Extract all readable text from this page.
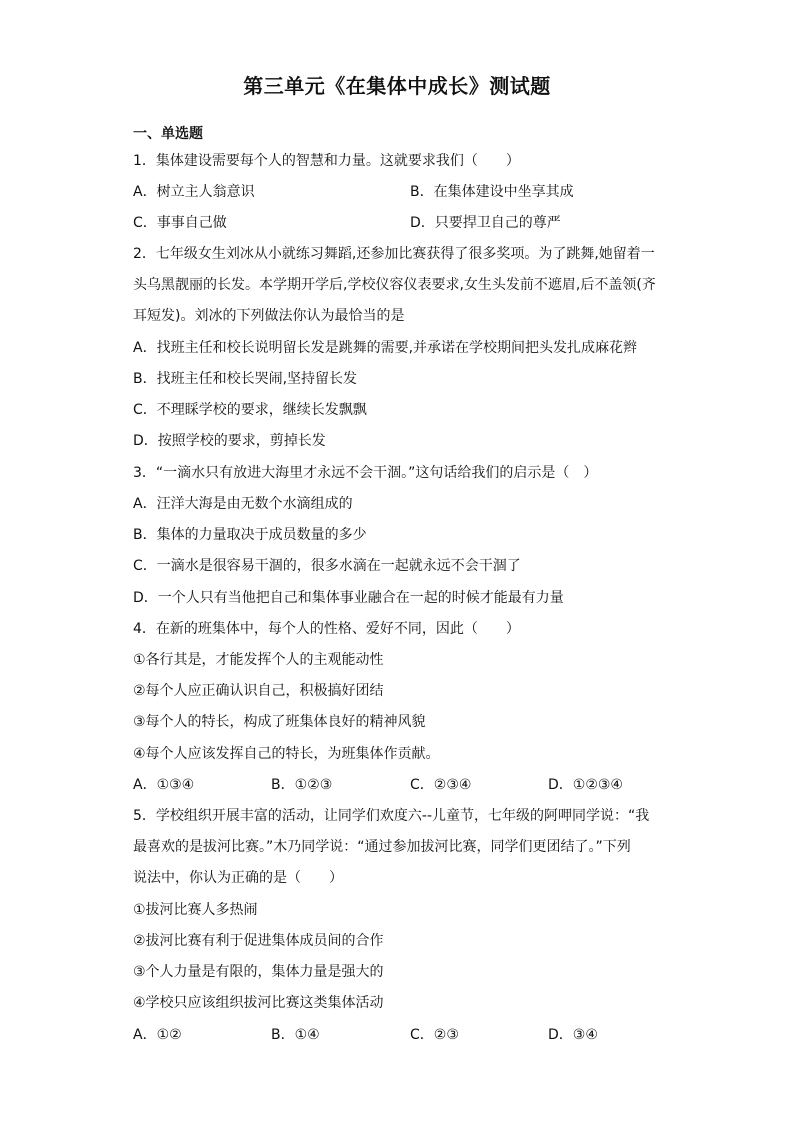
第三单元《在集体中成长》测试题
一、单选题
1．集体建设需要每个人的智慧和力量。这就要求我们（　　）
A．树立主人翁意识	B．在集体建设中坐享其成
C．事事自己做	D．只要捍卫自己的尊严
2．七年级女生刘冰从小就练习舞蹈,还参加比赛获得了很多奖项。为了跳舞,她留着一
头乌黑靓丽的长发。本学期开学后,学校仪容仪表要求,女生头发前不遮眉,后不盖领(齐
耳短发)。刘冰的下列做法你认为最恰当的是
A．找班主任和校长说明留长发是跳舞的需要,并承诺在学校期间把头发扎成麻花辫
B．找班主任和校长哭闹,坚持留长发
C．不理睬学校的要求，继续长发飘飘
D．按照学校的要求，剪掉长发
3．“一滴水只有放进大海里才永远不会干涸。”这句话给我们的启示是（　）
A．汪洋大海是由无数个水滴组成的
B．集体的力量取决于成员数量的多少
C．一滴水是很容易干涸的，很多水滴在一起就永远不会干涸了
D．一个人只有当他把自己和集体事业融合在一起的时候才能最有力量
4．在新的班集体中，每个人的性格、爱好不同，因此（　　）
①各行其是，才能发挥个人的主观能动性
②每个人应正确认识自己，积极搞好团结
③每个人的特长，构成了班集体良好的精神风貌
④每个人应该发挥自己的特长，为班集体作贡献。
A．①③④	B．①②③	C．②③④	D．①②③④
5．学校组织开展丰富的活动，让同学们欢度六--儿童节，七年级的阿呷同学说：“我
最喜欢的是拔河比赛。”木乃同学说：“通过参加拔河比赛，同学们更团结了。”下列
说法中，你认为正确的是（　　）
①拔河比赛人多热闹
②拔河比赛有利于促进集体成员间的合作
③个人力量是有限的，集体力量是强大的
④学校只应该组织拔河比赛这类集体活动
A．①②	B．①④	C．②③	D．③④
